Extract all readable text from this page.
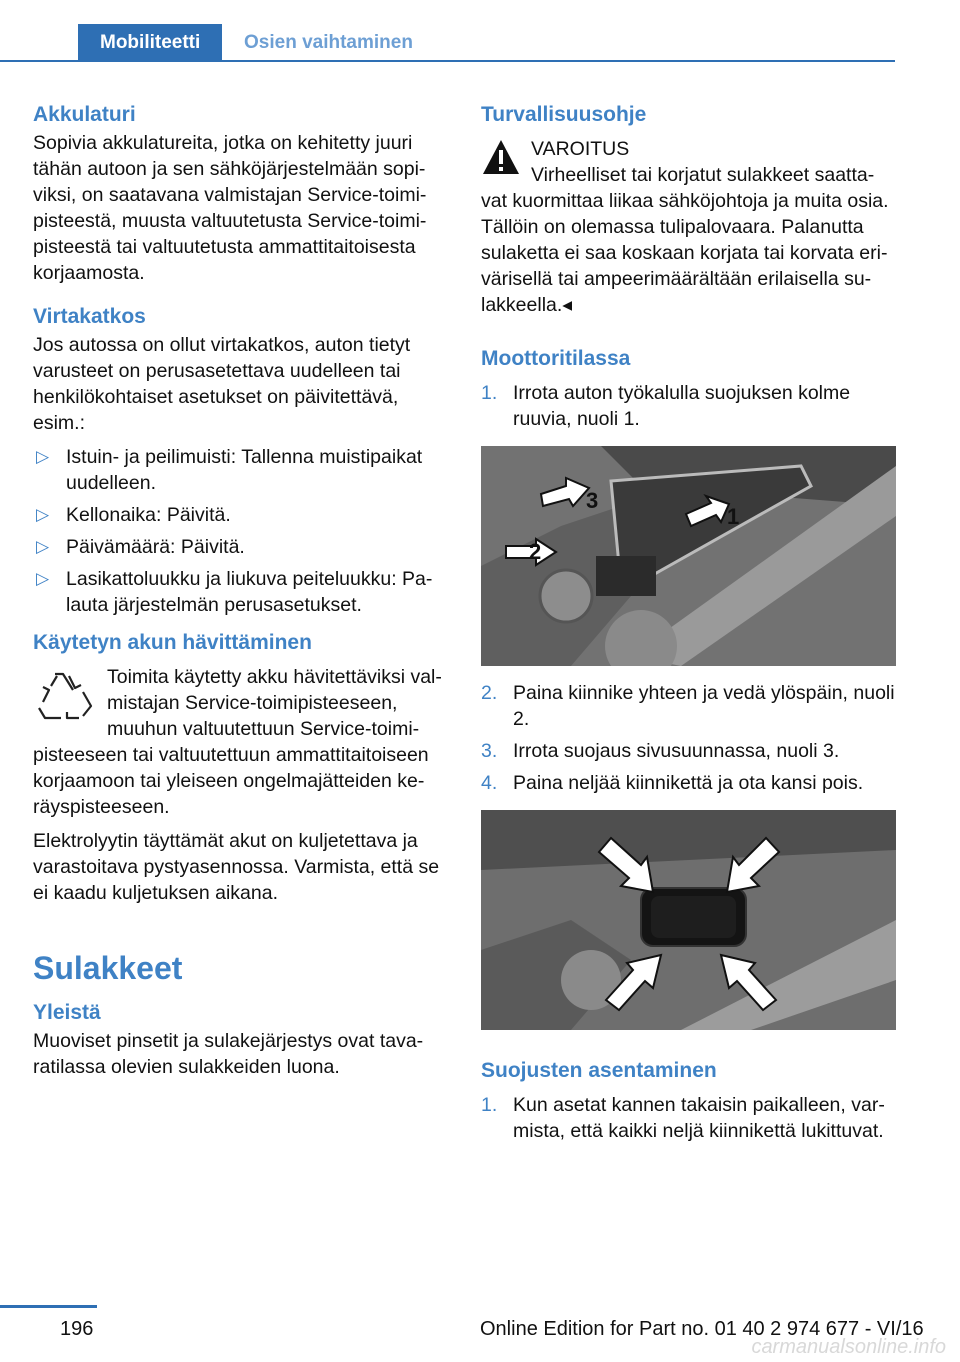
Mobiliteetti	Osien vaihtaminen
Akkulaturi

Sopivia akkulatureita, jotka on kehitetty juuri tähän autoon ja sen sähköjärjestelmään sopi-viksi, on saatavana valmistajan Service-toimi-pisteestä, muusta valtuutetusta Service-toimi-pisteestä tai valtuutetusta ammattitaitoisesta korjaamosta.

Virtakatkos

Jos autossa on ollut virtakatkos, auton tietyt varusteet on perusasetettava uudelleen tai henkilökohtaiset asetukset on päivitettävä, esim.:

▷ Istuin- ja peilimuisti: Tallenna muistipaikat uudelleen.
▷ Kellonaika: Päivitä.
▷ Päivämäärä: Päivitä.
▷ Lasikattoluukku ja liukuva peiteluukku: Pa-lauta järjestelmän perusasetukset.
Käytetyn akun hävittäminen

Toimita käytetty akku hävitettäviksi val-mistajan Service-toimipisteeseen, muuhun valtuutettuun Service-toimi-pisteeseen tai valtuutettuun ammattitaitoiseen korjaamoon tai yleiseen ongelmajätteiden ke-räyspisteeseen.

Elektrolyytin täyttämät akut on kuljetettava ja varastoitava pystyasennossa. Varmista, että se ei kaadu kuljetuksen aikana.

Sulakkeet
Yleistä

Muoviset pinsetit ja sulakejärjestys ovat tava-ratilassa olevien sulakkeiden luona.

Turvallisuusohje

VAROITUS

Virheelliset tai korjatut sulakkeet saatta-vat kuormittaa liikaa sähköjohtoja ja muita osia. Tällöin on olemassa tulipalovaara. Palanutta sulaketta ei saa koskaan korjata tai korvata eri-värisellä tai ampeerimäärältään erilaisella su-lakkeella.◂

Moottoritilassa
1. Irrota auton työkalulla suojuksen kolme ruuvia, nuoli 1.
1
2
3
2. Paina kiinnike yhteen ja vedä ylöspäin, nuoli 2.
3. Irrota suojaus sivusuunnassa, nuoli 3.
4. Paina neljää kiinnikettä ja ota kansi pois.
Suojusten asentaminen
1. Kun asetat kannen takaisin paikalleen, var-mista, että kaikki neljä kiinnikettä lukittuvat.
196	Online Edition for Part no. 01 40 2 974 677 - VI/16
carmanualsonline.info
